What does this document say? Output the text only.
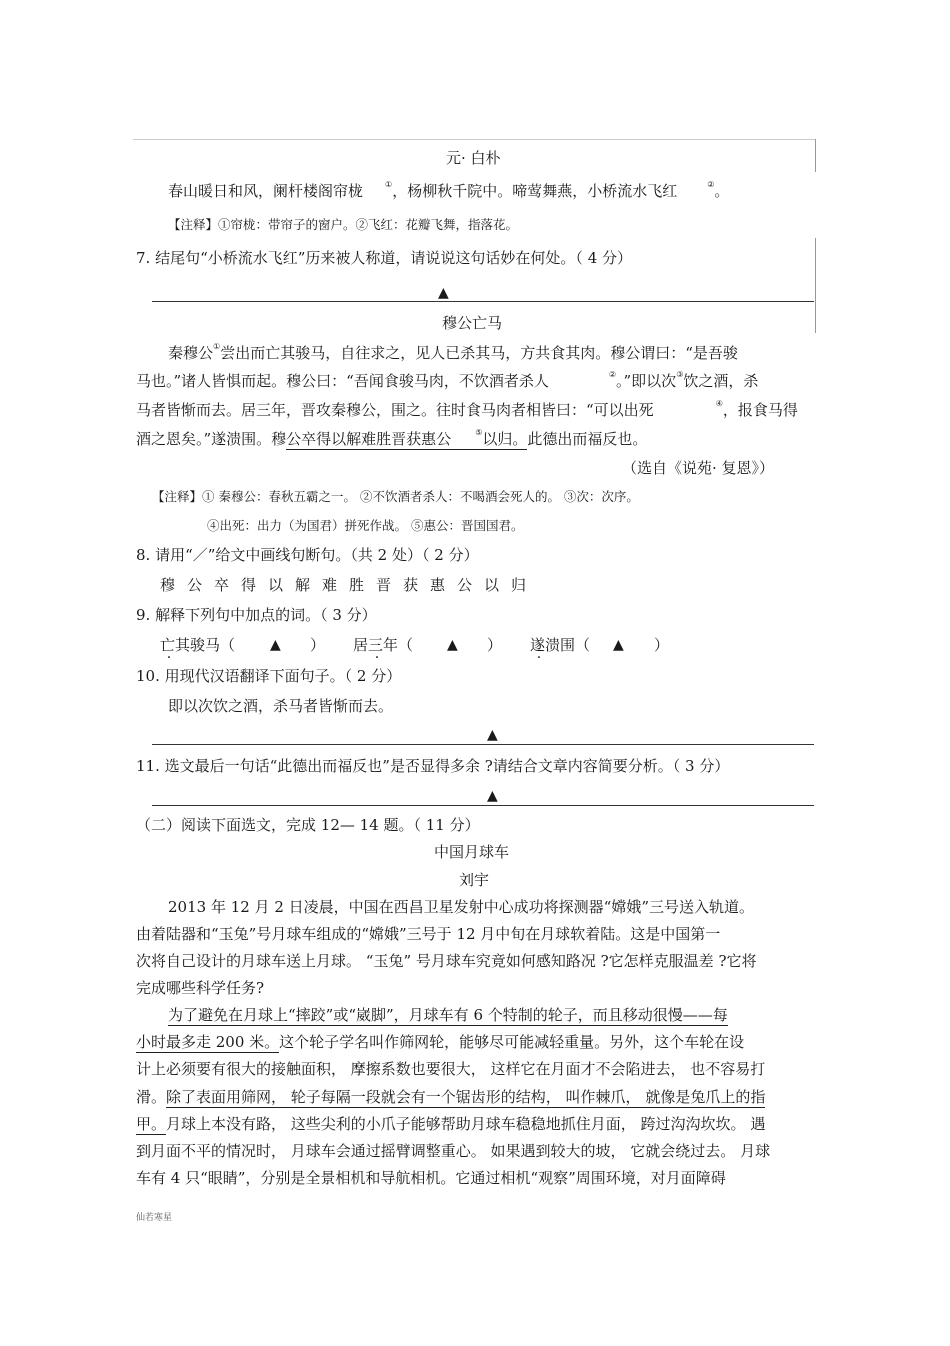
元· 白朴
春山暖日和风，阑杆楼阁帘栊	①，杨柳秋千院中。啼莺舞燕，小桥流水飞红	②。
【注释】①帘栊：带帘子的窗户。②飞红：花瓣飞舞，指落花。
7. 结尾句“小桥流水飞红”历来被人称道，请说说这句话妙在何处。（ 4 分）
▲
穆公亡马
秦穆公①尝出而亡其骏马，自往求之，见人已杀其马，方共食其肉。穆公谓曰：“是吾骏
马也。”诸人皆惧而起。穆公曰：“吾闻食骏马肉，不饮酒者杀人	②。”即以次③饮之酒，杀
马者皆惭而去。居三年，晋攻秦穆公，围之。往时食马肉者相皆曰：“可以出死	④，报食马得
酒之恩矣。”遂溃围。穆公卒得以解难胜晋获惠公	⑤以归。此德出而福反也。
（选自《说苑· 复恩》）
【注释】① 秦穆公：春秋五霸之一。 ②不饮酒者杀人：不喝酒会死人的。 ③次：次序。
④出死：出力（为国君）拼死作战。 ⑤惠公：晋国国君。
8. 请用“／”给文中画线句断句。（共 2 处）（ 2 分）
穆公卒得以解难胜晋获惠公以归
9. 解释下列句中加点的词。（ 3 分）
亡其骏马（ ▲ ） 居三年（ ▲ ） 遂溃围（ ▲ ）
10. 用现代汉语翻译下面句子。（ 2 分）
即以次饮之酒，杀马者皆惭而去。
▲
11. 选文最后一句话“此德出而福反也”是否显得多余 ?请结合文章内容简要分析。（ 3 分）
▲
（二）阅读下面选文，完成 12— 14 题。（ 11 分）
中国月球车
刘宇
2013 年 12 月 2 日凌晨，中国在西昌卫星发射中心成功将探测器“嫦娥”三号送入轨道。
由着陆器和“玉兔”号月球车组成的“嫦娥”三号于 12 月中旬在月球软着陆。这是中国第一
次将自己设计的月球车送上月球。 “玉兔” 号月球车究竟如何感知路况 ?它怎样克服温差 ?它将
完成哪些科学任务?
为了避免在月球上“摔跤”或“崴脚”，月球车有 6 个特制的轮子，而且移动很慢——每
小时最多走 200 米。这个轮子学名叫作筛网轮，能够尽可能减轻重量。另外，这个车轮在设
计上必须要有很大的接触面积， 摩擦系数也要很大， 这样它在月面才不会陷进去， 也不容易打
滑。除了表面用筛网， 轮子每隔一段就会有一个锯齿形的结构， 叫作棘爪， 就像是兔爪上的指
甲。月球上本没有路， 这些尖利的小爪子能够帮助月球车稳稳地抓住月面， 跨过沟沟坎坎。 遇
到月面不平的情况时， 月球车会通过摇臂调整重心。 如果遇到较大的坡， 它就会绕过去。 月球
车有 4 只“眼睛”，分别是全景相机和导航相机。它通过相机“观察”周围环境，对月面障碍
仙若寒星
